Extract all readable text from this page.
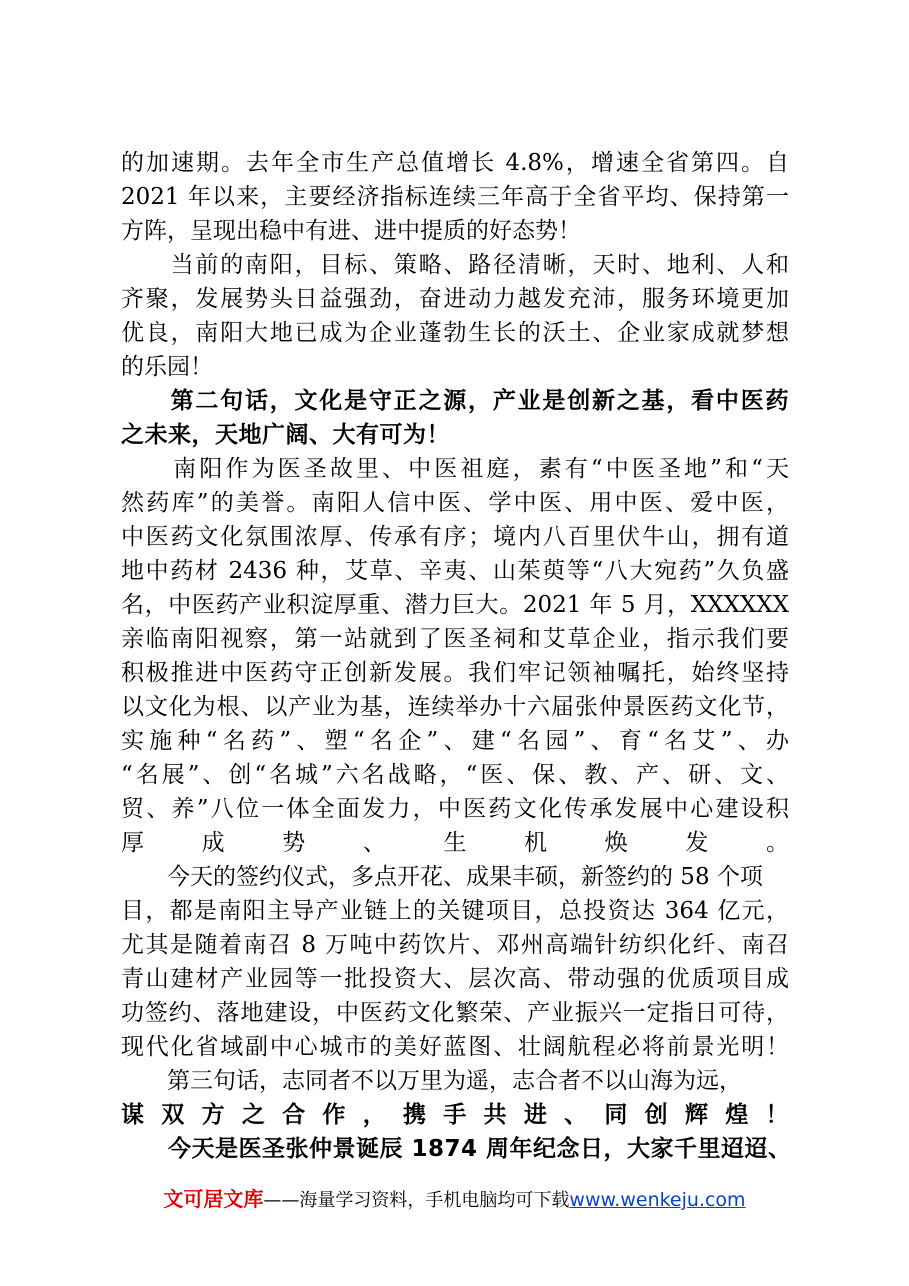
的加速期。去年全市生产总值增长 4.8%，增速全省第四。自
2021 年以来，主要经济指标连续三年高于全省平均、保持第一
方阵，呈现出稳中有进、进中提质的好态势！
　　当前的南阳，目标、策略、路径清晰，天时、地利、人和
齐聚，发展势头日益强劲，奋进动力越发充沛，服务环境更加
优良，南阳大地已成为企业蓬勃生长的沃土、企业家成就梦想
的乐园！
　　第二句话，文化是守正之源，产业是创新之基，看中医药
之未来，天地广阔、大有可为！
　　南阳作为医圣故里、中医祖庭，素有“中医圣地”和“天
然药库”的美誉。南阳人信中医、学中医、用中医、爱中医，
中医药文化氛围浓厚、传承有序；境内八百里伏牛山，拥有道
地中药材 2436 种，艾草、辛夷、山茱萸等“八大宛药”久负盛
名，中医药产业积淀厚重、潜力巨大。2021 年 5 月，XXXXXX
亲临南阳视察，第一站就到了医圣祠和艾草企业，指示我们要
积极推进中医药守正创新发展。我们牢记领袖嘱托，始终坚持
以文化为根、以产业为基，连续举办十六届张仲景医药文化节，
实施种“名药”、塑“名企”、建“名园”、育“名艾”、办
“名展”、创“名城”六名战略，“医、保、教、产、研、文、
贸、养”八位一体全面发力，中医药文化传承发展中心建设积
厚成势、生机焕发。
　　今天的签约仪式，多点开花、成果丰硕，新签约的 58 个项
目，都是南阳主导产业链上的关键项目，总投资达 364 亿元，
尤其是随着南召 8 万吨中药饮片、邓州高端针纺织化纤、南召
青山建材产业园等一批投资大、层次高、带动强的优质项目成
功签约、落地建设，中医药文化繁荣、产业振兴一定指日可待，
现代化省域副中心城市的美好蓝图、壮阔航程必将前景光明！
　　第三句话，志同者不以万里为遥，志合者不以山海为远，
谋双方之合作，携手共进、同创辉煌！
　　今天是医圣张仲景诞辰 1874 周年纪念日，大家千里迢迢、
文可居文库——海量学习资料，手机电脑均可下载www.wenkeju.com
